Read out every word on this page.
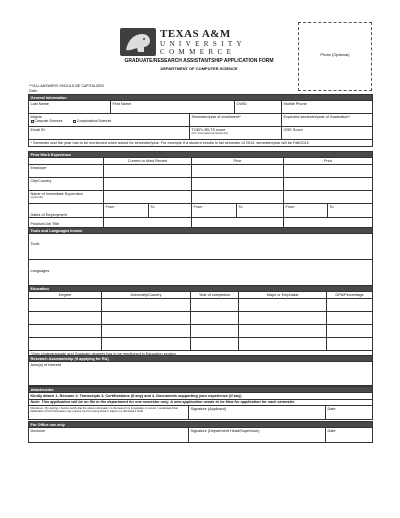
TEXAS A&M
UNIVERSITY
COMMERCE
GRADUATE/RESEARCH ASSISTANTSHIP APPLICATION FORM
DEPARTMENT OF COMPUTER SCIENCE
Photo (Optional)
***ALL ANSWERS SHOULD BE CAPITALIZED.
Date:
General Information				
Last Name	First Name		CWID	Mobile Phone
Majors
Computer Sciences Computational Sciences		Semester/year of enrollment*		Expected semester/year of Graduation*
Email ID		TOEFL/IELTS score
(For International Students)		GRE Score
* Semester and the year has to be mentioned when asked for semester/year. For example If a student enrolls in fall semester of 2014, semester/year will be Fall/2014.				
Prior Work Experience						
	Current or Most Recent		Prior		Prior	
Employer						
City/Country						
Name of Immediate Supervisor
(optional)						

Dates of Employment	From	To	From	To	From	To
Position/Job Title						
Tools and Languages known
Tools
Languages
Education				
Degree	University/Country	Year of completion	Major or Emphasis	GPA/Percentage

*Only Undergraduate and Graduate degrees has to be mentioned in Education section				
Research Assistantship (If applying for RA)
Area(s) of Interest
Attachments
Kindly attach 1. Resume 2. Transcripts 3. Certifications (if any) and 4. Documents supporting your experience (if any)
Note: This application will be on file in the department for one semester only. A new application needs to be filed for application for each semester.
Disclaimer - By signing, I hereby certify that the above information, to the best of my knowledge, is correct. I understand that falsification of this information may prevent me from being hired or lead to my dismissal if hired.	Signature (Applicant)	Date
For Office use only
Decision	Signature (Department Head/Supervisor)	Date
